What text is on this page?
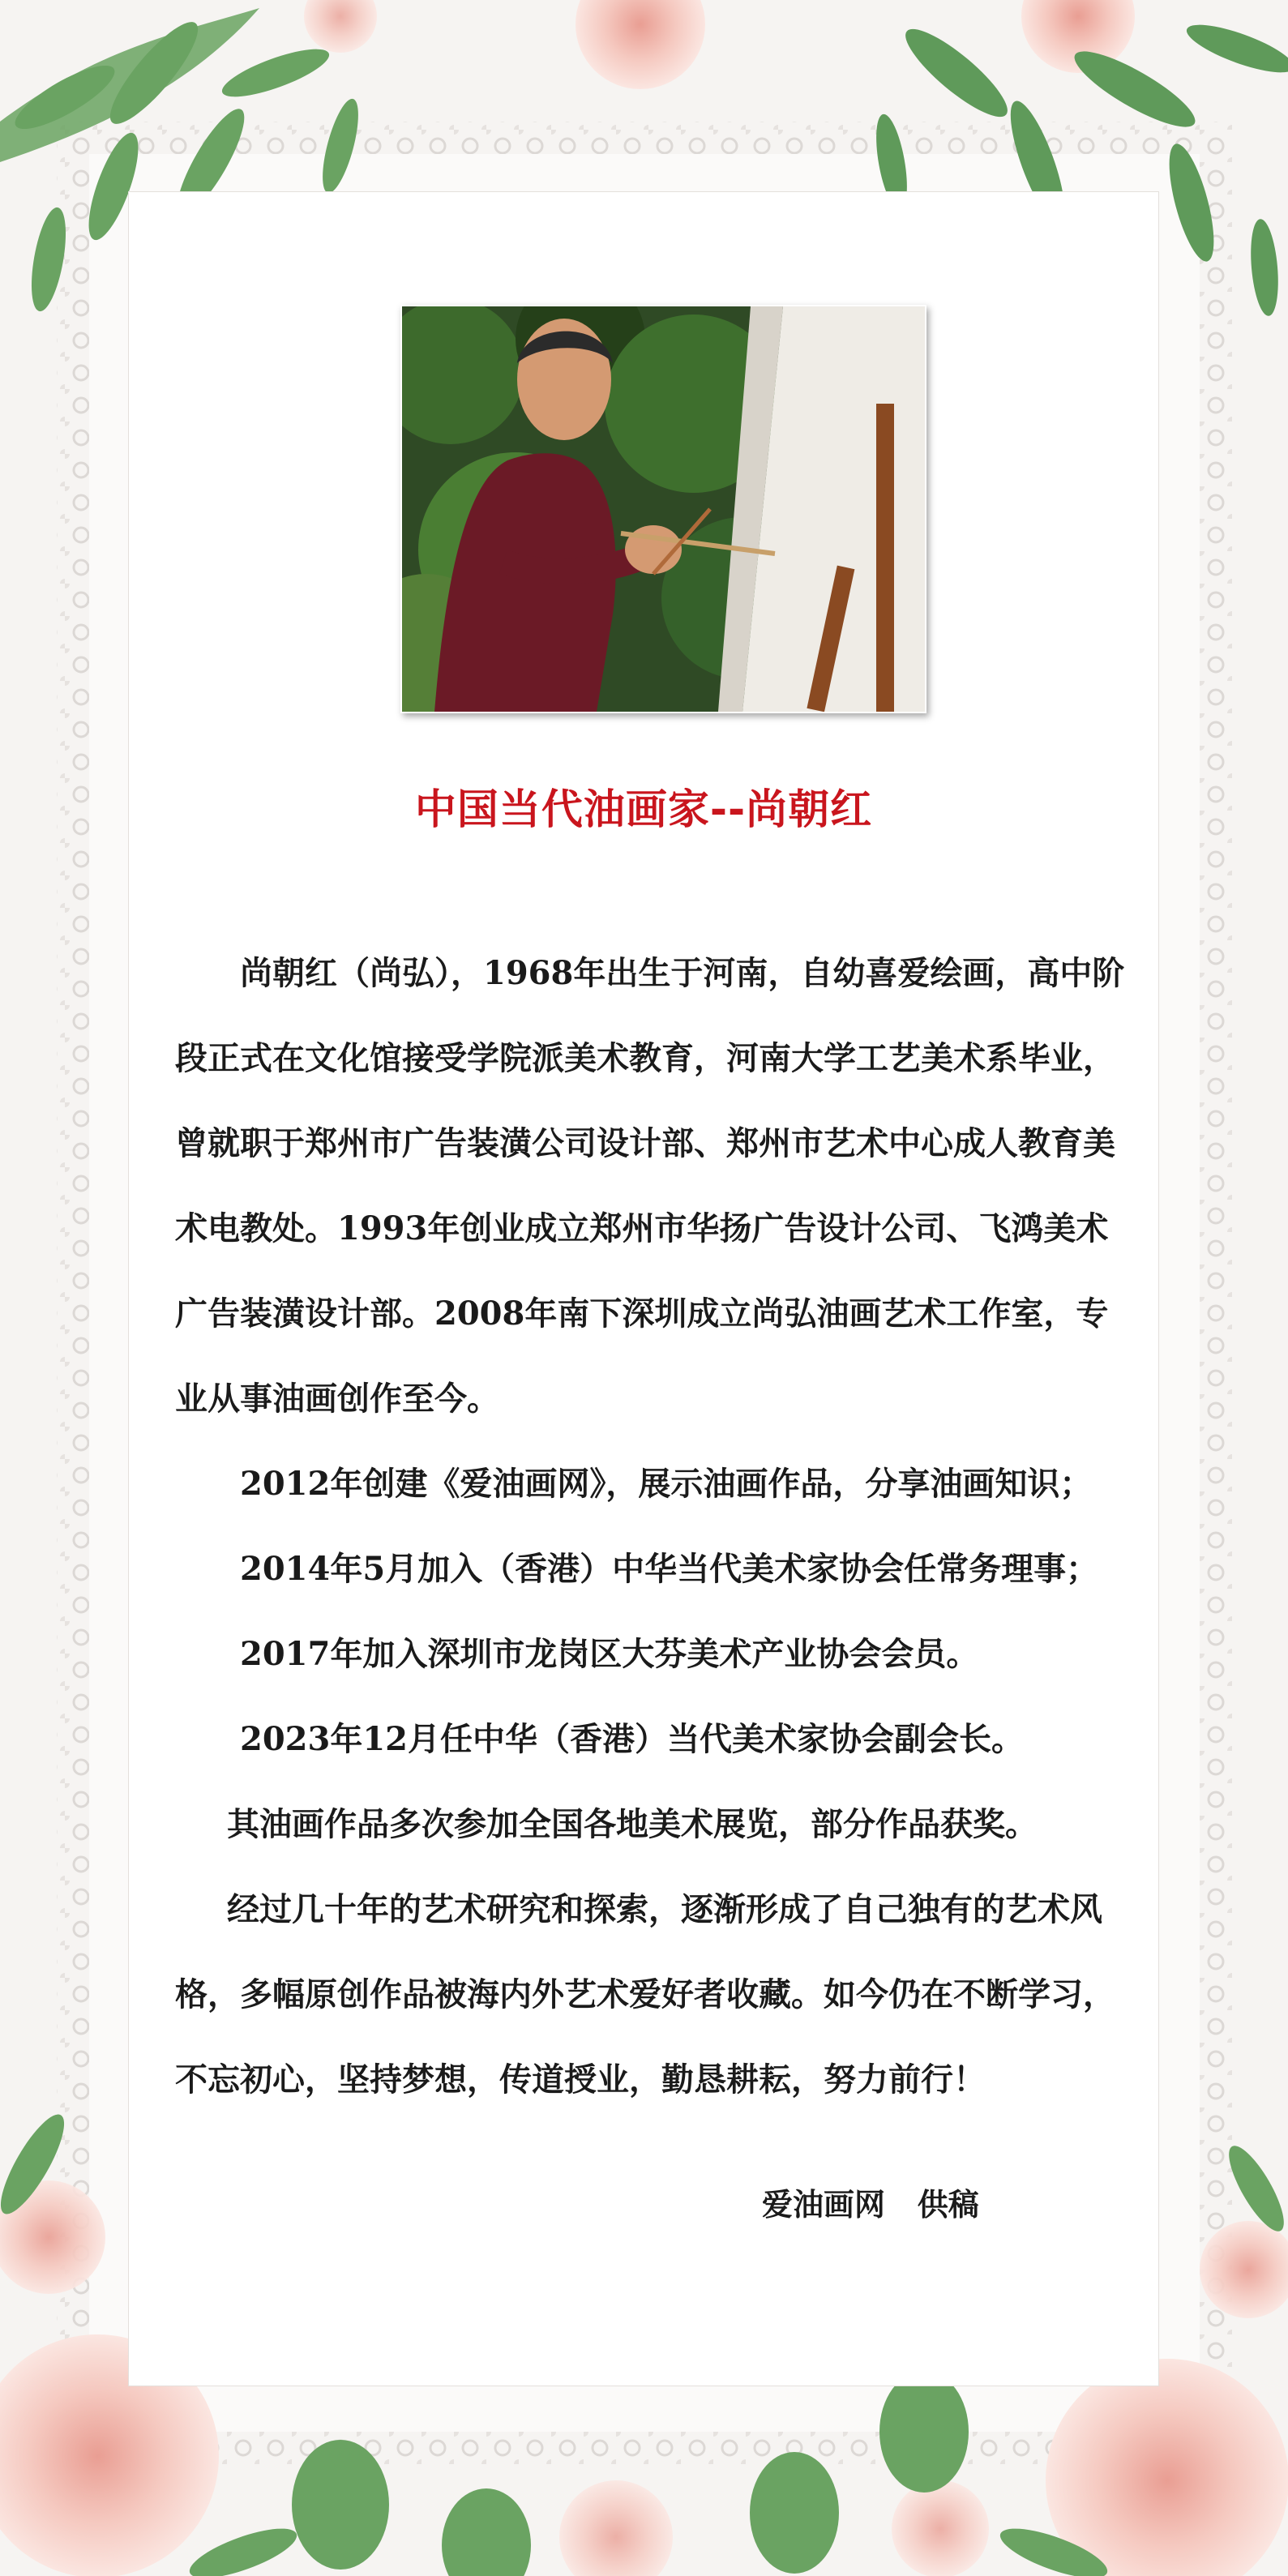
中国当代油画家--尚朝红

尚朝红（尚弘），1968年出生于河南，自幼喜爱绘画，高中阶段正式在文化馆接受学院派美术教育，河南大学工艺美术系毕业，曾就职于郑州市广告装潢公司设计部、郑州市艺术中心成人教育美术电教处。1993年创业成立郑州市华扬广告设计公司、飞鸿美术广告装潢设计部。2008年南下深圳成立尚弘油画艺术工作室，专业从事油画创作至今。

2012年创建《爱油画网》，展示油画作品，分享油画知识；

2014年5月加入（香港）中华当代美术家协会任常务理事；

2017年加入深圳市龙岗区大芬美术产业协会会员。

2023年12月任中华（香港）当代美术家协会副会长。

其油画作品多次参加全国各地美术展览，部分作品获奖。

经过几十年的艺术研究和探索，逐渐形成了自己独有的艺术风格，多幅原创作品被海内外艺术爱好者收藏。如今仍在不断学习，不忘初心，坚持梦想，传道授业，勤恳耕耘，努力前行！

爱油画网   供稿
